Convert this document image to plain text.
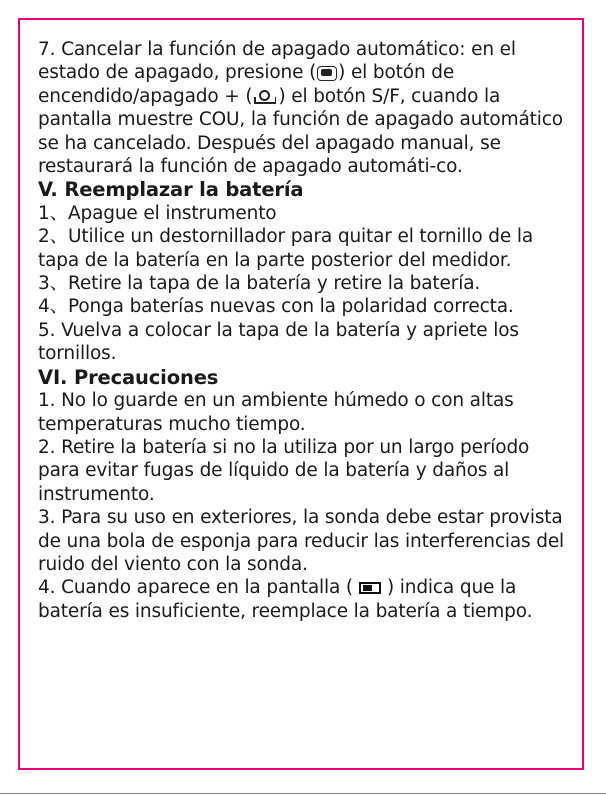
7. Cancelar la función de apagado automático: en el estado de apagado, presione ( ) el botón de encendido/apagado + ( ) el botón S/F, cuando la pantalla muestre COU, la función de apagado automático se ha cancelado. Después del apagado manual, se restaurará la función de apagado automáti-co.

V. Reemplazar la batería

1、Apague el instrumento

2、Utilice un destornillador para quitar el tornillo de la tapa de la batería en la parte posterior del medidor.

3、Retire la tapa de la batería y retire la batería.

4、Ponga baterías nuevas con la polaridad correcta.

5. Vuelva a colocar la tapa de la batería y apriete los tornillos.

VI. Precauciones

1. No lo guarde en un ambiente húmedo o con altas temperaturas mucho tiempo.

2. Retire la batería si no la utiliza por un largo período para evitar fugas de líquido de la batería y daños al instrumento.

3. Para su uso en exteriores, la sonda debe estar provista de una bola de esponja para reducir las interferencias del ruido del viento con la sonda.

4. Cuando aparece en la pantalla ( ) indica que la batería es insuficiente, reemplace la batería a tiempo.
